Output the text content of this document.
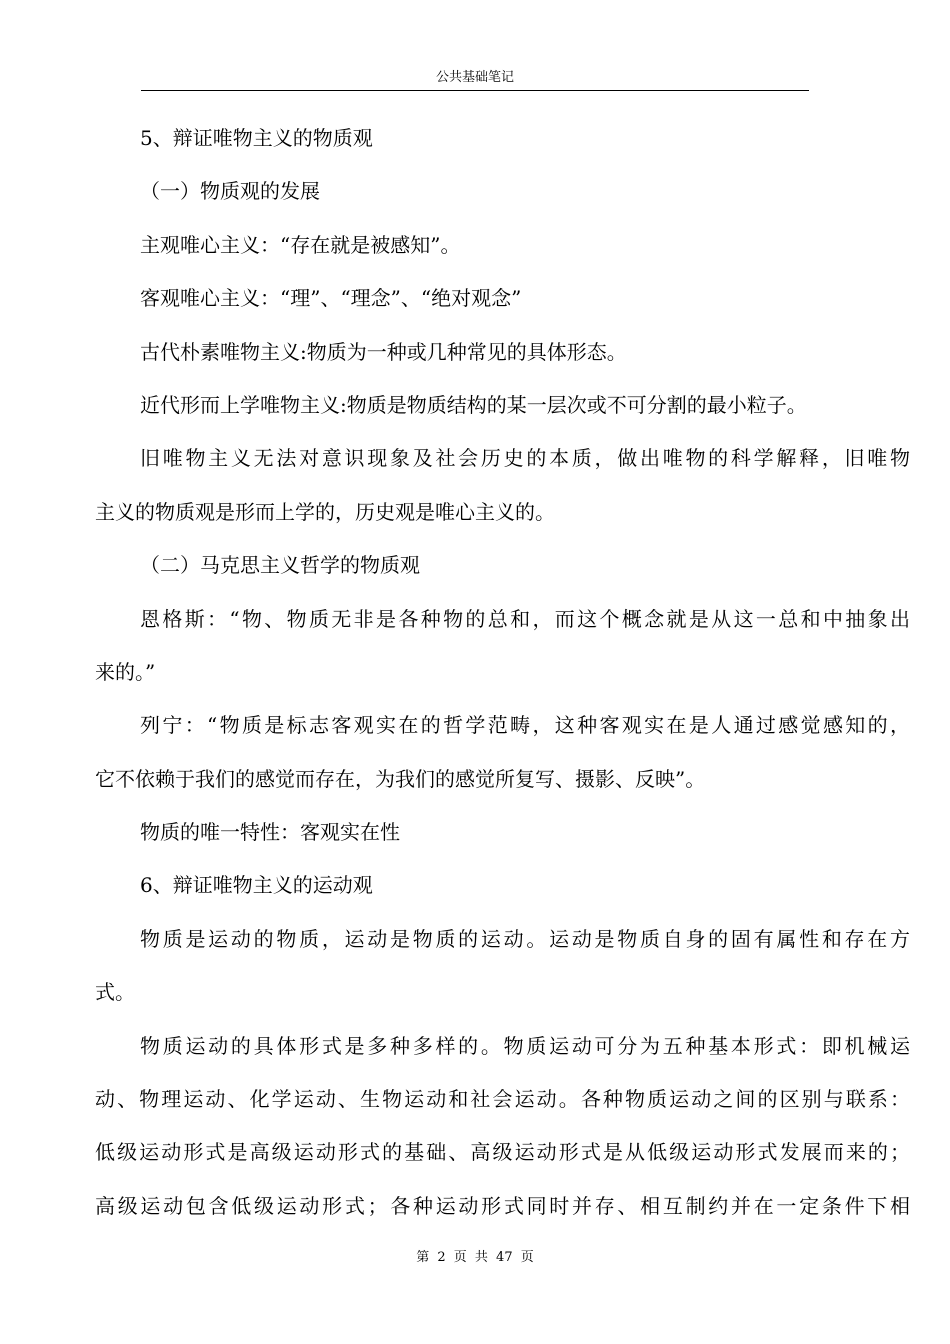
公共基础笔记
5、辩证唯物主义的物质观
（一）物质观的发展
主观唯心主义：“存在就是被感知”。
客观唯心主义：“理”、“理念”、“绝对观念”
古代朴素唯物主义:物质为一种或几种常见的具体形态。
近代形而上学唯物主义:物质是物质结构的某一层次或不可分割的最小粒子。
旧唯物主义无法对意识现象及社会历史的本质，做出唯物的科学解释，旧唯物
主义的物质观是形而上学的，历史观是唯心主义的。
（二）马克思主义哲学的物质观
恩格斯：“物、物质无非是各种物的总和，而这个概念就是从这一总和中抽象出
来的。”
列宁：“物质是标志客观实在的哲学范畴，这种客观实在是人通过感觉感知的，
它不依赖于我们的感觉而存在，为我们的感觉所复写、摄影、反映”。
物质的唯一特性：客观实在性
6、辩证唯物主义的运动观
物质是运动的物质，运动是物质的运动。运动是物质自身的固有属性和存在方
式。
物质运动的具体形式是多种多样的。物质运动可分为五种基本形式：即机械运
动、物理运动、化学运动、生物运动和社会运动。各种物质运动之间的区别与联系：
低级运动形式是高级运动形式的基础、高级运动形式是从低级运动形式发展而来的；
高级运动包含低级运动形式；各种运动形式同时并存、相互制约并在一定条件下相
第 2 页 共 47 页
